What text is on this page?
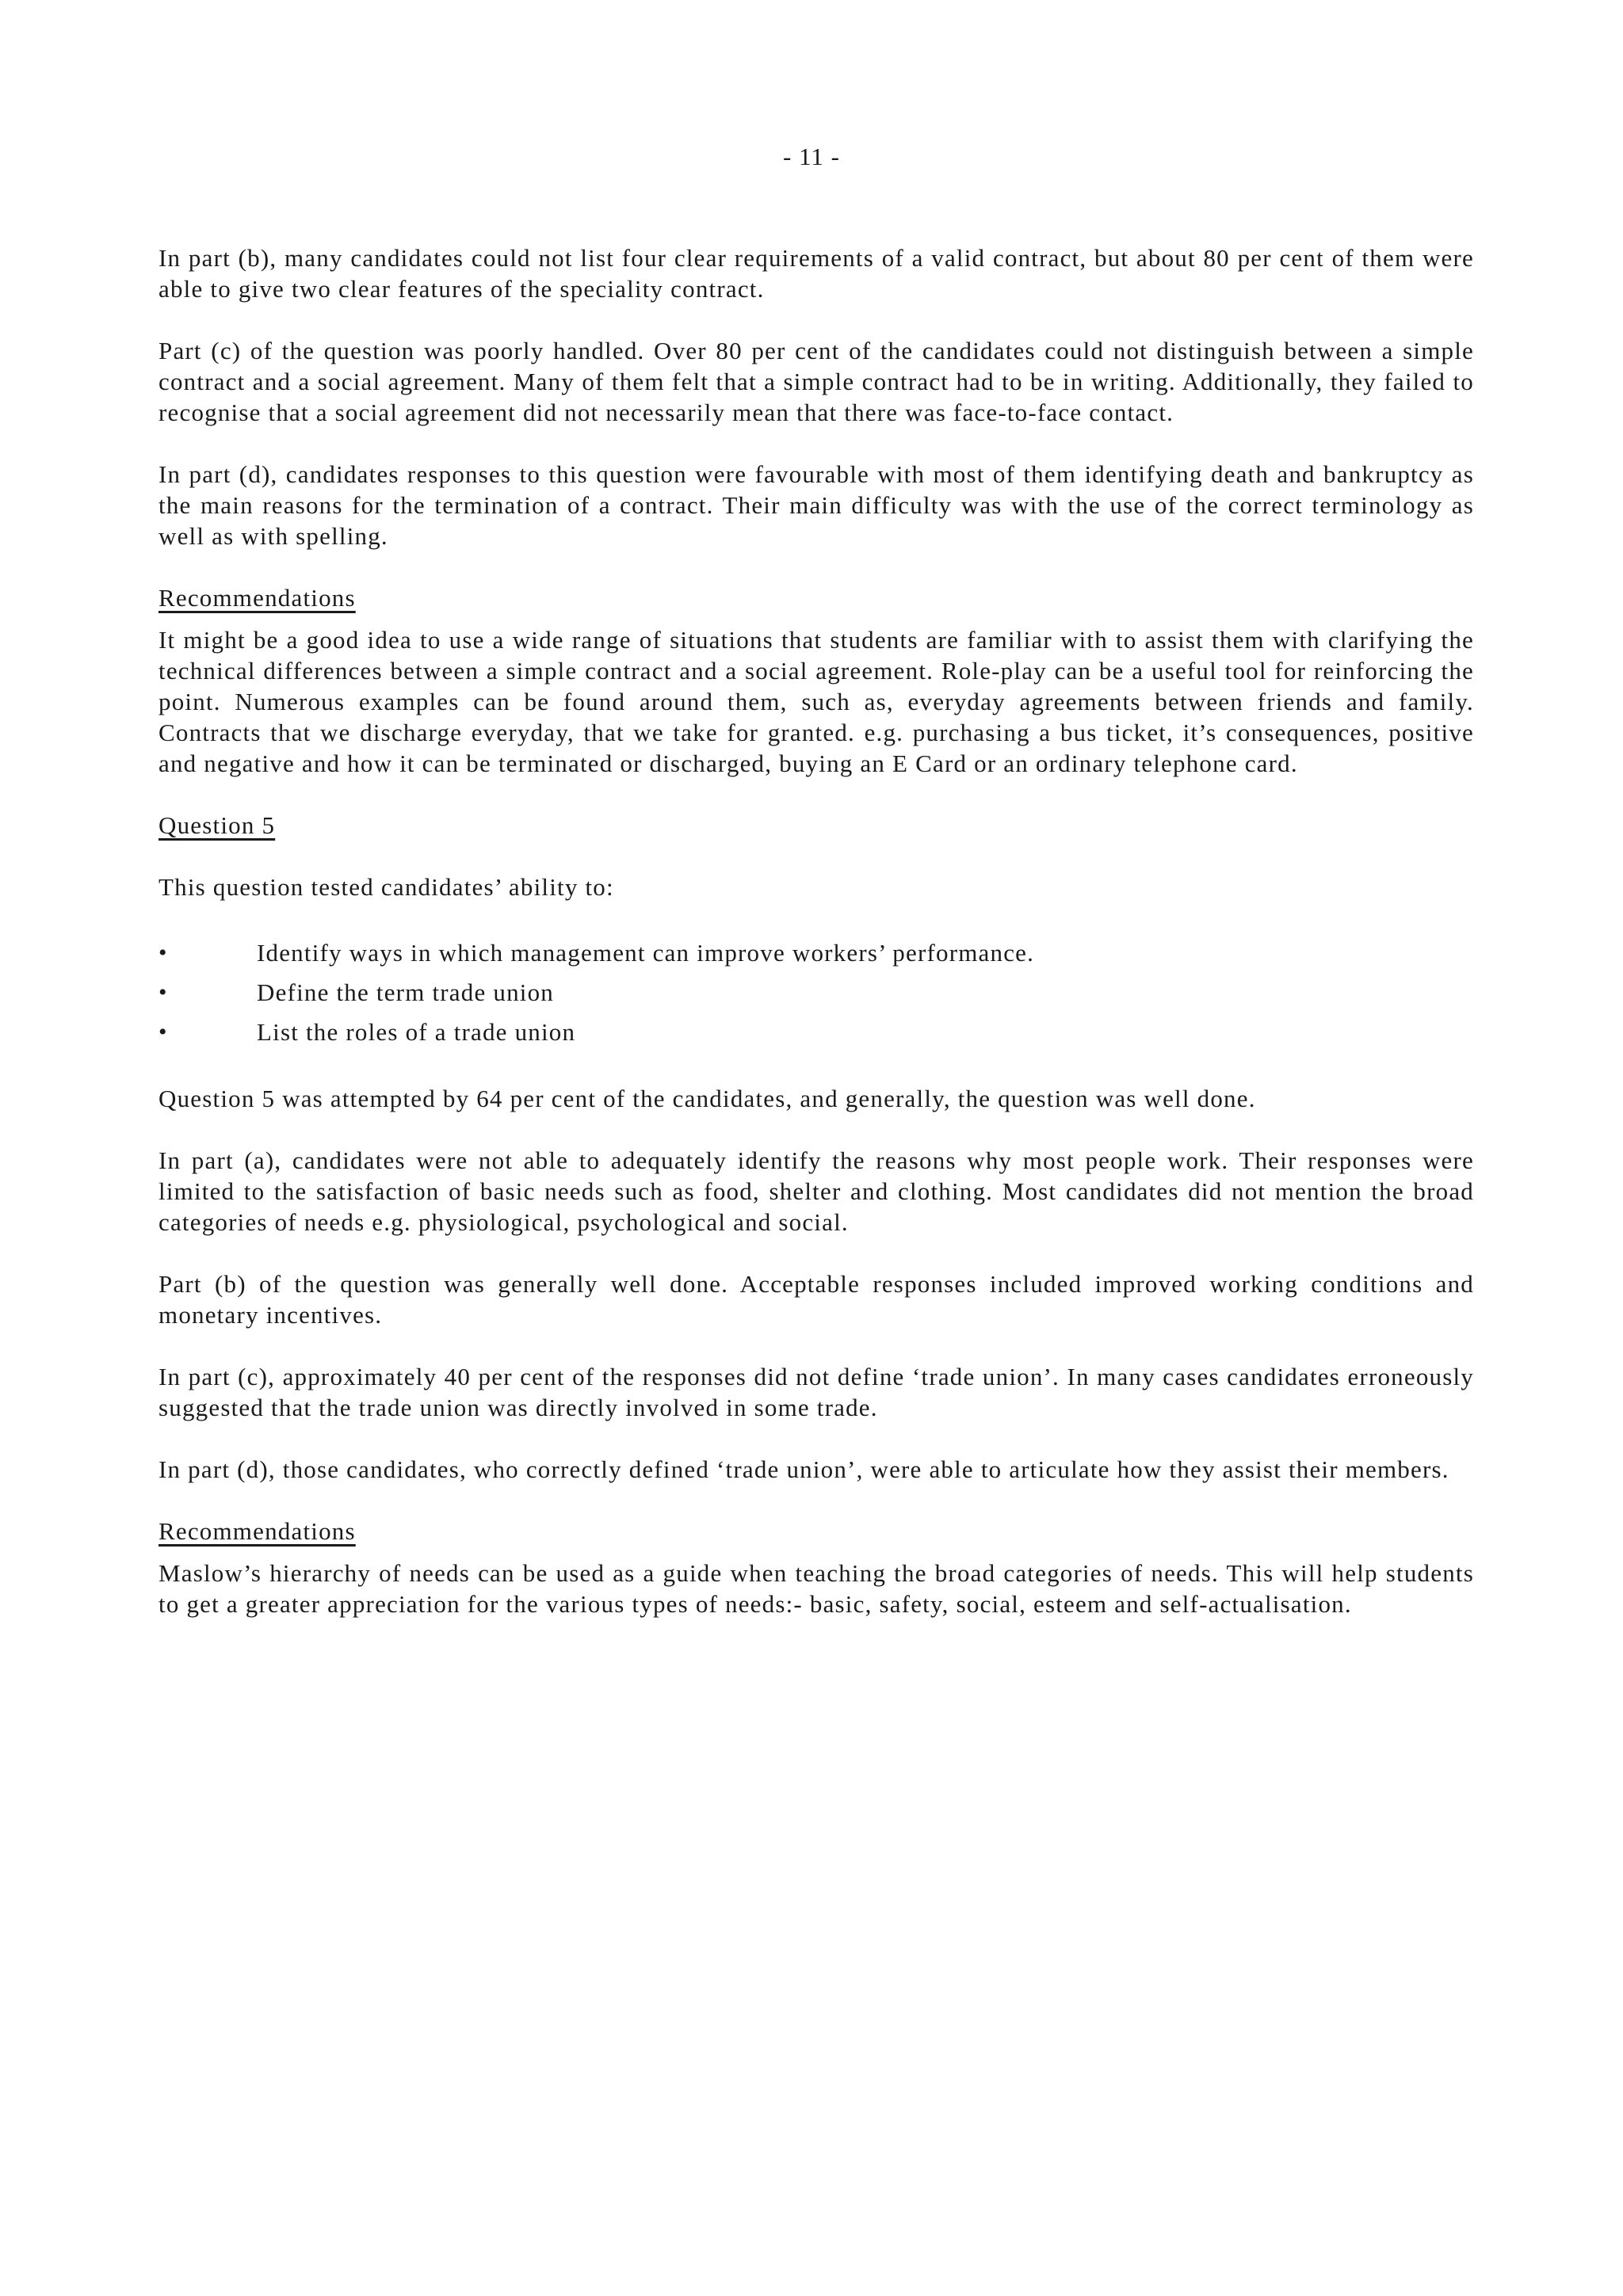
- 11 -

In part (b), many candidates could not list four clear requirements of a valid contract, but about 80 per cent of them were able to give two clear features of the speciality contract.

Part (c) of the question was poorly handled. Over 80 per cent of the candidates could not distinguish between a simple contract and a social agreement. Many of them felt that a simple contract had to be in writing. Additionally, they failed to recognise that a social agreement did not necessarily mean that there was face-to-face contact.

In part (d), candidates responses to this question were favourable with most of them identifying death and bankruptcy as the main reasons for the termination of a contract. Their main difficulty was with the use of the correct terminology as well as with spelling.

Recommendations

It might be a good idea to use a wide range of situations that students are familiar with to assist them with clarifying the technical differences between a simple contract and a social agreement. Role-play can be a useful tool for reinforcing the point. Numerous examples can be found around them, such as, everyday agreements between friends and family. Contracts that we discharge everyday, that we take for granted. e.g. purchasing a bus ticket, it’s consequences, positive and negative and how it can be terminated or discharged, buying an E Card or an ordinary telephone card.

Question 5

This question tested candidates’ ability to:

•	Identify ways in which management can improve workers’ performance.
•	Define the term trade union
•	List the roles of a trade union

Question 5 was attempted by 64 per cent of the candidates, and generally, the question was well done.

In part (a), candidates were not able to adequately identify the reasons why most people work. Their responses were limited to the satisfaction of basic needs such as food, shelter and clothing. Most candidates did not mention the broad categories of needs e.g. physiological, psychological and social.

Part (b) of the question was generally well done. Acceptable responses included improved working conditions and monetary incentives.

In part (c), approximately 40 per cent of the responses did not define ‘trade union’. In many cases candidates erroneously suggested that the trade union was directly involved in some trade.

In part (d), those candidates, who correctly defined ‘trade union’, were able to articulate how they assist their members.

Recommendations

Maslow’s hierarchy of needs can be used as a guide when teaching the broad categories of needs. This will help students to get a greater appreciation for the various types of needs:- basic, safety, social, esteem and self-actualisation.
